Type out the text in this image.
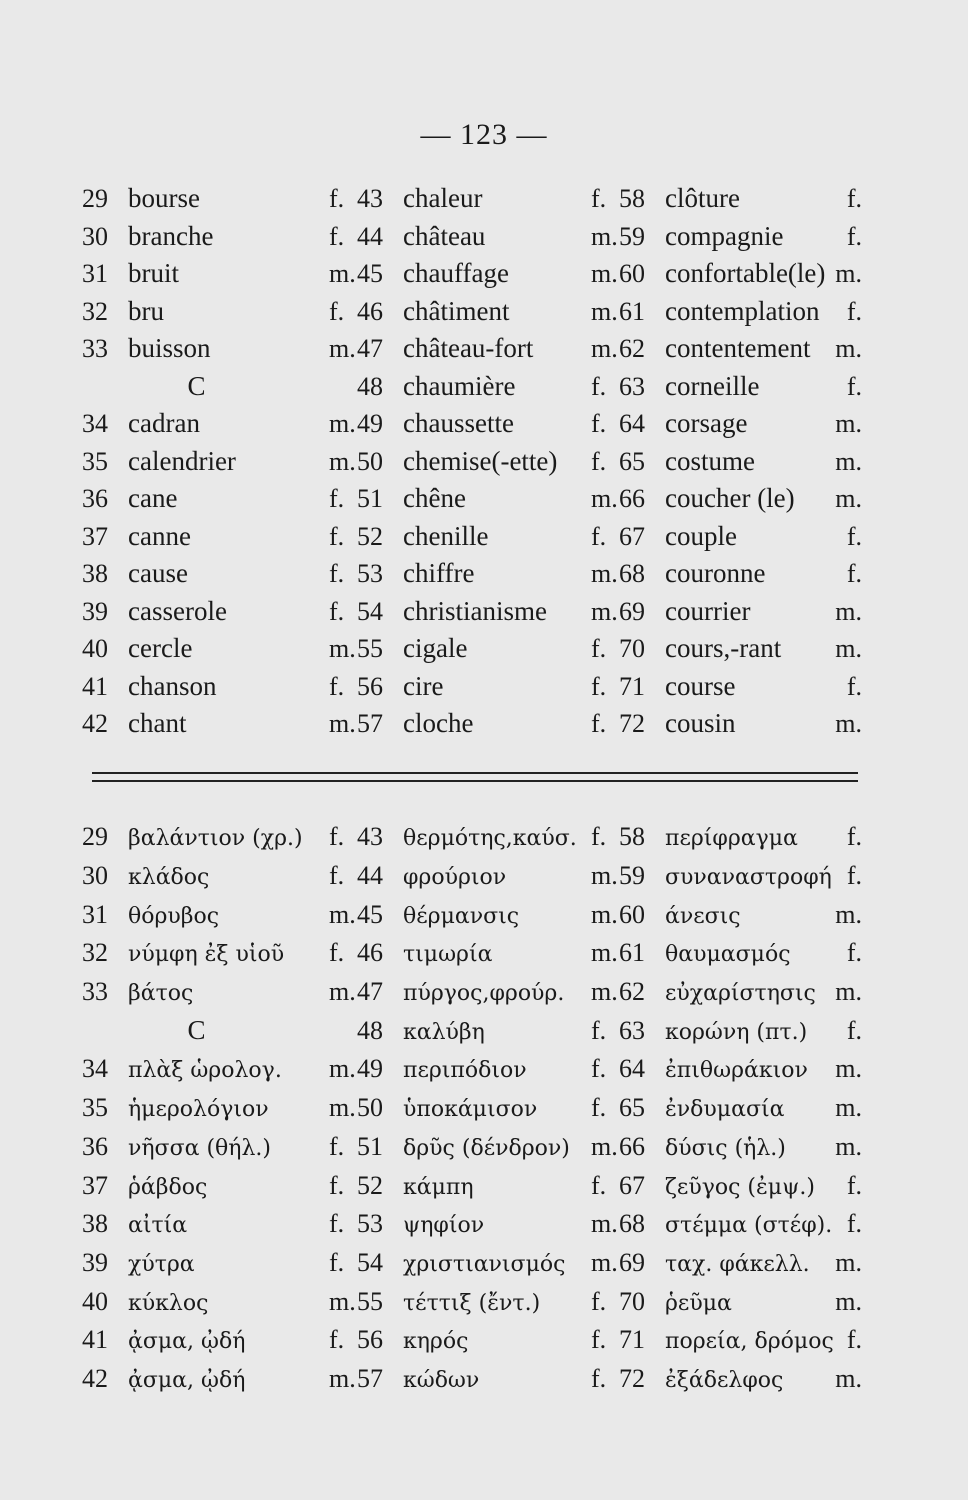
— 123 —
29 bourse	f. 43 chaleur	f. 58 clôture	f.
30 branche	f. 44 château	m. 59 compagnie	f.
31 bruit	m. 45 chauffage	m. 60 confortable(le) m.
32 bru	f. 46 châtiment	m. 61 contemplation	f.
33 buisson	m. 47 château-fort	m. 62 contentement m.
C	48 chaumière	f. 63 corneille	f.
34 cadran	m. 49 chaussette	f. 64 corsage	m.
35 calendrier	m. 50 chemise(-ette)	f. 65 costume	m.
36 cane	f. 51 chêne	m. 66 coucher (le)	m.
37 canne	f. 52 chenille	f. 67 couple	f.
38 cause	f. 53 chiffre	m. 68 couronne	f.
39 casserole	f. 54 christianisme	m. 69 courrier	m.
40 cercle	m. 55 cigale	f. 70 cours,-rant	m.
41 chanson	f. 56 cire	f. 71 course	f.
42 chant	m. 57 cloche	f. 72 cousin	m.
29 βαλάντιον (χρ.)	f. 43 θερμότης,καύσ. f. 58 περίφραγμα	f.
30 κλάδος	f. 44 φρούριον	m. 59 συναναστροφή f.
31 θόρυβος	m. 45 θέρμανσις	m. 60 άνεσις	m.
32 νύμφη ἐξ υἱοῦ	f. 46 τιμωρία	m. 61 θαυμασμός	f.
33 βάτος	m. 47 πύργος,φρούρ.	m. 62 εὐχαρίστησις m.
C	48 καλύβη	f. 63 κορώνη (πτ.)	f.
34 πλὰξ ὡρολογ.	m. 49 περιπόδιον	f. 64 ἐπιθωράκιον	m.
35 ἡμερολόγιον	m. 50 ὑποκάμισον	f. 65 ἐνδυμασία	m.
36 νῆσσα (θήλ.)	f. 51 δρῦς (δένδρον) m. 66 δύσις (ἡλ.)	m.
37 ῥάβδος	f. 52 κάμπη	f. 67 ζεῦγος (ἐμψ.)	f.
38 αἰτία	f. 53 ψηφίον	m. 68 στέμμα (στέφ). f.
39 χύτρα	f. 54 χριστιανισμός m. 69 ταχ. φάκελλ. m.
40 κύκλος	m. 55 τέττιξ (ἔντ.)	f. 70 ῥεῦμα	m.
41 ᾆσμα, ᾠδή	f. 56 κηρός	f. 71 πορεία, δρόμος f.
42 ᾆσμα, ᾠδή	m. 57 κώδων	f. 72 ἐξάδελφος	m.
